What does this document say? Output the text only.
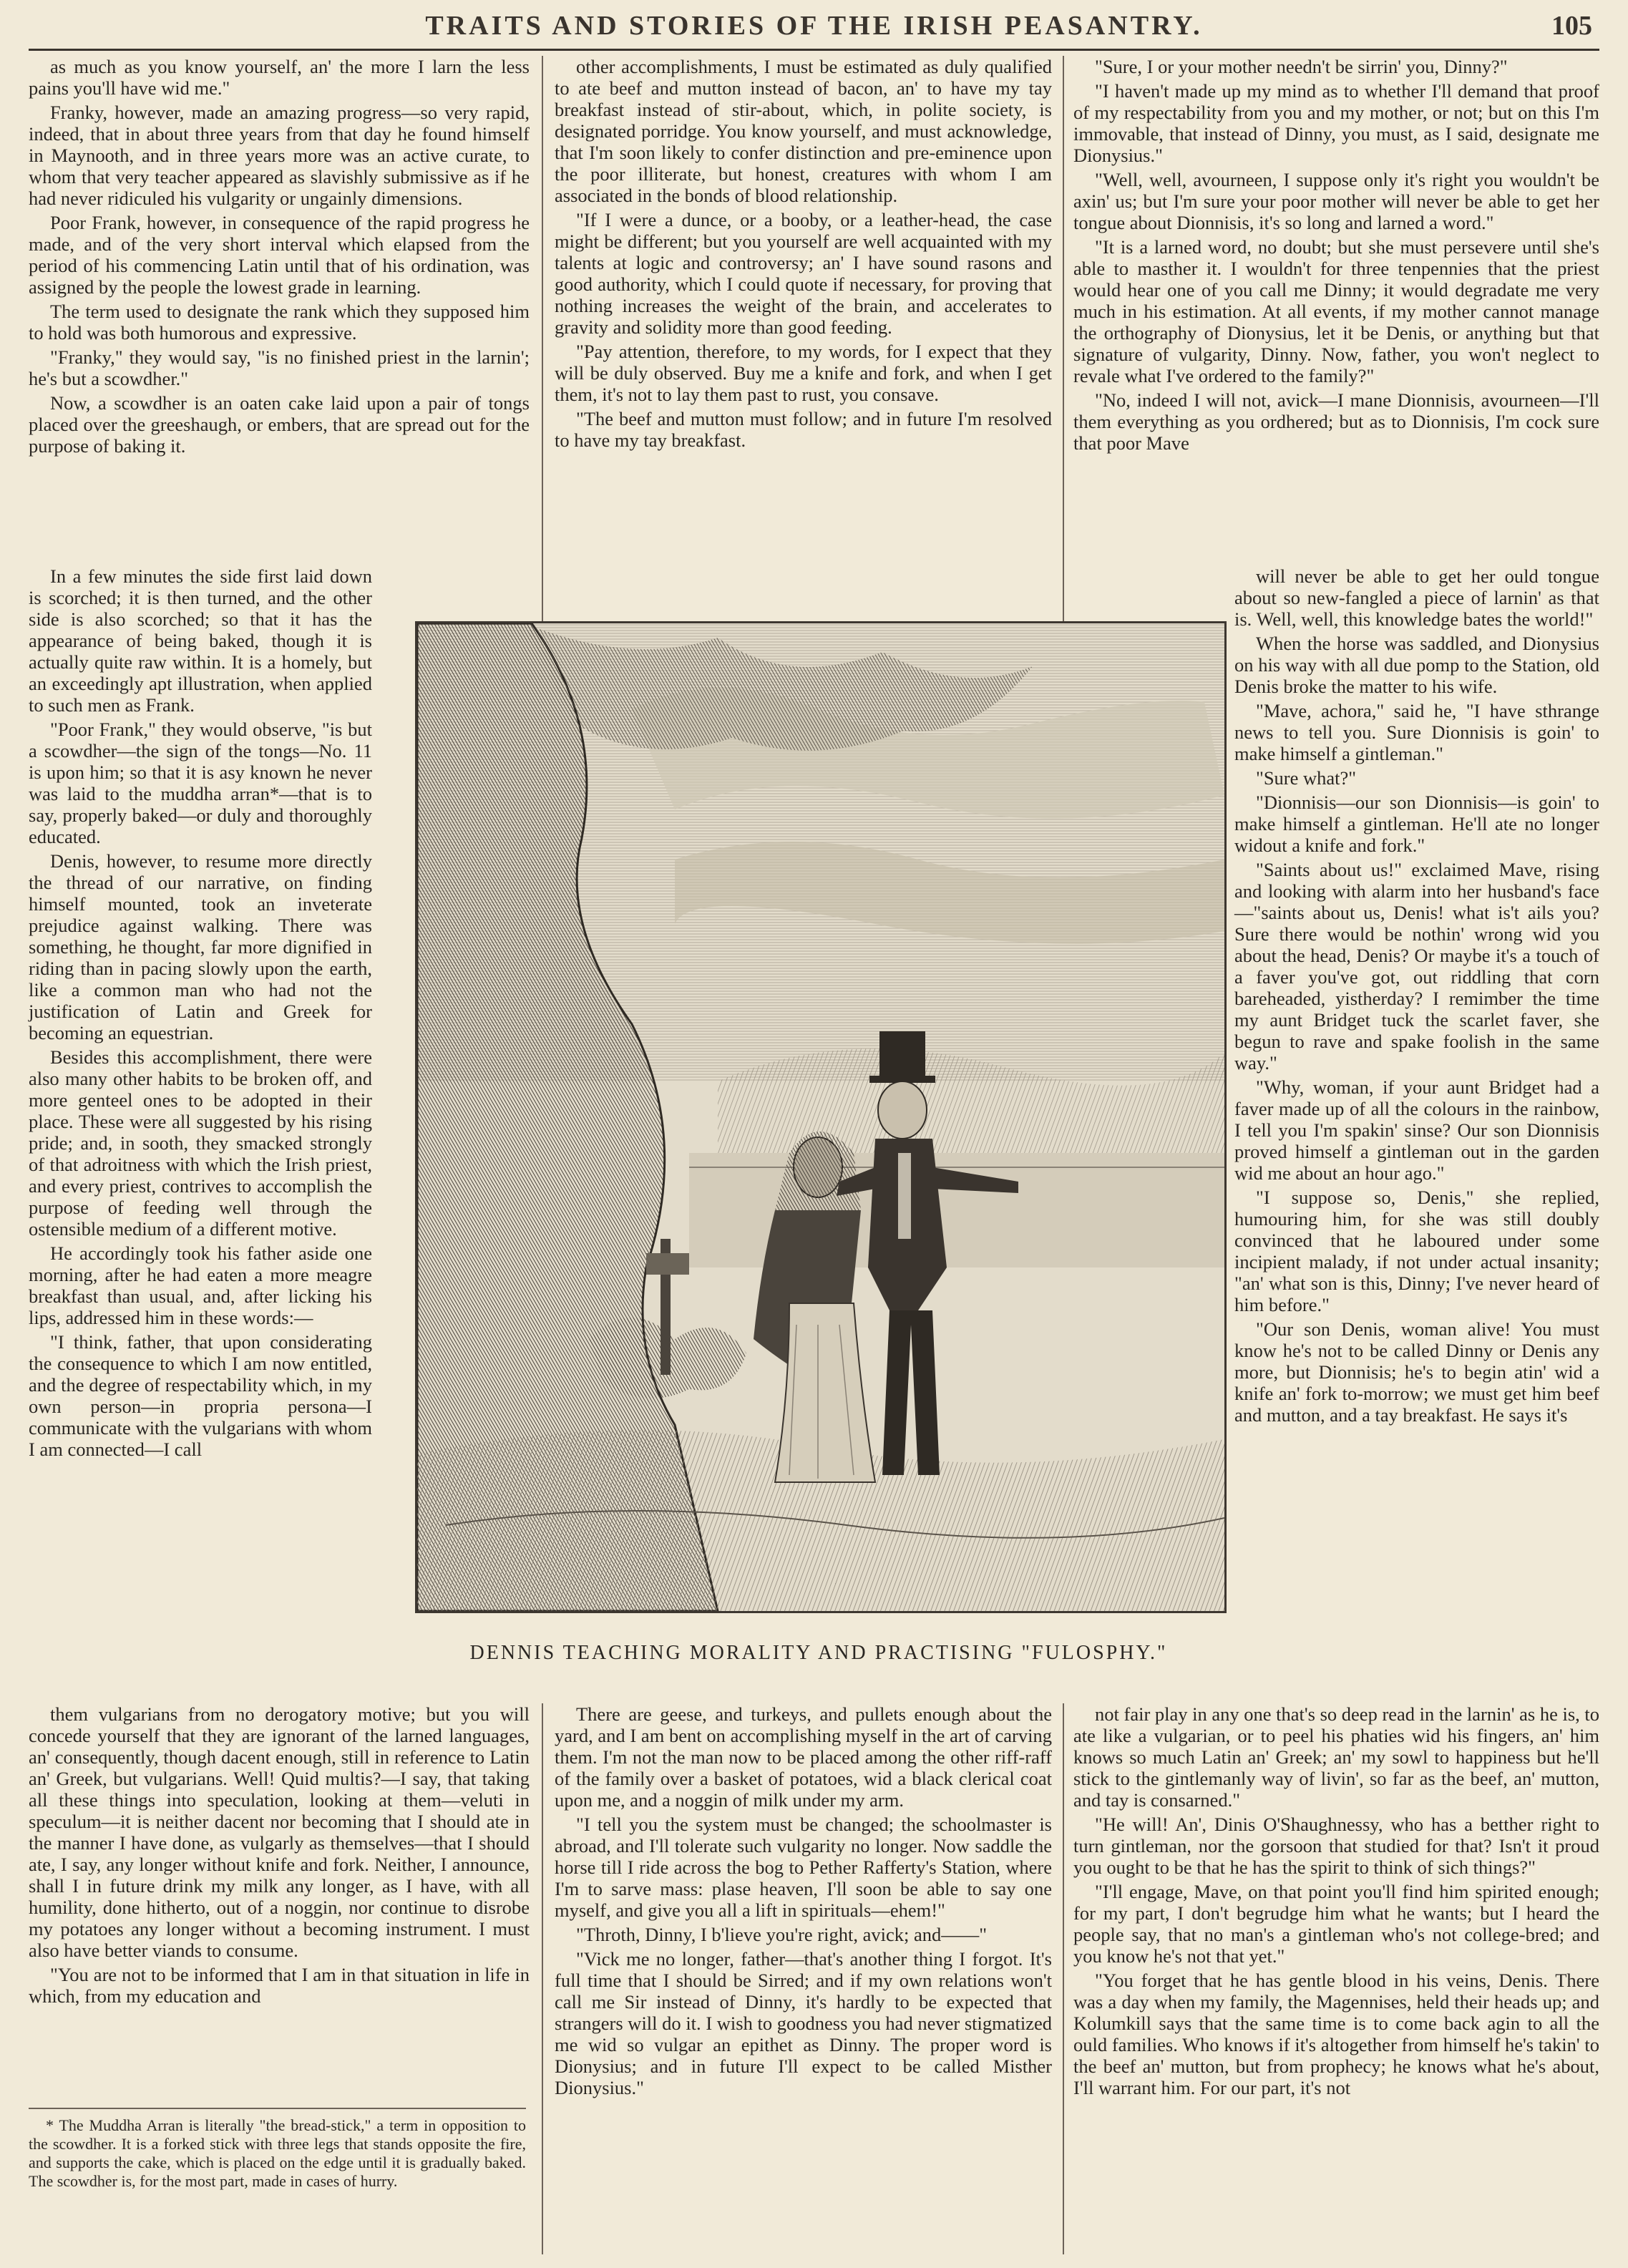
TRAITS AND STORIES OF THE IRISH PEASANTRY.	105

as much as you know yourself, an' the more I larn the less pains you'll have wid me."

Franky, however, made an amazing progress—so very rapid, indeed, that in about three years from that day he found himself in Maynooth, and in three years more was an active curate, to whom that very teacher appeared as slavishly submissive as if he had never ridiculed his vulgarity or ungainly dimensions.

Poor Frank, however, in consequence of the rapid progress he made, and of the very short interval which elapsed from the period of his commencing Latin until that of his ordination, was assigned by the people the lowest grade in learning.

The term used to designate the rank which they supposed him to hold was both humorous and expressive.

"Franky," they would say, "is no finished priest in the larnin'; he's but a scowdher."

Now, a scowdher is an oaten cake laid upon a pair of tongs placed over the greeshaugh, or embers, that are spread out for the purpose of baking it.

In a few minutes the side first laid down is scorched; it is then turned, and the other side is also scorched; so that it has the appearance of being baked, though it is actually quite raw within. It is a homely, but an exceedingly apt illustration, when applied to such men as Frank.

"Poor Frank," they would observe, "is but a scowdher—the sign of the tongs—No. 11 is upon him; so that it is asy known he never was laid to the muddha arran*—that is to say, properly baked—or duly and thoroughly educated.

Denis, however, to resume more directly the thread of our narrative, on finding himself mounted, took an inveterate prejudice against walking. There was something, he thought, far more dignified in riding than in pacing slowly upon the earth, like a common man who had not the justification of Latin and Greek for becoming an equestrian.

Besides this accomplishment, there were also many other habits to be broken off, and more genteel ones to be adopted in their place. These were all suggested by his rising pride; and, in sooth, they smacked strongly of that adroitness with which the Irish priest, and every priest, contrives to accomplish the purpose of feeding well through the ostensible medium of a different motive.

He accordingly took his father aside one morning, after he had eaten a more meagre breakfast than usual, and, after licking his lips, addressed him in these words:—

"I think, father, that upon considerating the consequence to which I am now entitled, and the degree of respectability which, in my own person—in propria persona—I communicate with the vulgarians with whom I am connected—I call

them vulgarians from no derogatory motive; but you will concede yourself that they are ignorant of the larned languages, an' consequently, though dacent enough, still in reference to Latin an' Greek, but vulgarians. Well! Quid multis?—I say, that taking all these things into speculation, looking at them—veluti in speculum—it is neither dacent nor becoming that I should ate in the manner I have done, as vulgarly as themselves—that I should ate, I say, any longer without knife and fork. Neither, I announce, shall I in future drink my milk any longer, as I have, with all humility, done hitherto, out of a noggin, nor continue to disrobe my potatoes any longer without a becoming instrument. I must also have better viands to consume.

"You are not to be informed that I am in that situation in life in which, from my education and

* The Muddha Arran is literally "the bread-stick," a term in opposition to the scowdher. It is a forked stick with three legs that stands opposite the fire, and supports the cake, which is placed on the edge until it is gradually baked. The scowdher is, for the most part, made in cases of hurry.

other accomplishments, I must be estimated as duly qualified to ate beef and mutton instead of bacon, an' to have my tay breakfast instead of stir-about, which, in polite society, is designated porridge. You know yourself, and must acknowledge, that I'm soon likely to confer distinction and pre-eminence upon the poor illiterate, but honest, creatures with whom I am associated in the bonds of blood relationship.

"If I were a dunce, or a booby, or a leather-head, the case might be different; but you yourself are well acquainted with my talents at logic and controversy; an' I have sound rasons and good authority, which I could quote if necessary, for proving that nothing increases the weight of the brain, and accelerates to gravity and solidity more than good feeding.

"Pay attention, therefore, to my words, for I expect that they will be duly observed. Buy me a knife and fork, and when I get them, it's not to lay them past to rust, you consave.

"The beef and mutton must follow; and in future I'm resolved to have my tay breakfast.

There are geese, and turkeys, and pullets enough about the yard, and I am bent on accomplishing myself in the art of carving them. I'm not the man now to be placed among the other riff-raff of the family over a basket of potatoes, wid a black clerical coat upon me, and a noggin of milk under my arm.

"I tell you the system must be changed; the schoolmaster is abroad, and I'll tolerate such vulgarity no longer. Now saddle the horse till I ride across the bog to Pether Rafferty's Station, where I'm to sarve mass: plase heaven, I'll soon be able to say one myself, and give you all a lift in spirituals—ehem!"

"Throth, Dinny, I b'lieve you're right, avick; and——"

"Vick me no longer, father—that's another thing I forgot. It's full time that I should be Sirred; and if my own relations won't call me Sir instead of Dinny, it's hardly to be expected that strangers will do it. I wish to goodness you had never stigmatized me wid so vulgar an epithet as Dinny. The proper word is Dionysius; and in future I'll expect to be called Misther Dionysius."

"Sure, I or your mother needn't be sirrin' you, Dinny?"

"I haven't made up my mind as to whether I'll demand that proof of my respectability from you and my mother, or not; but on this I'm immovable, that instead of Dinny, you must, as I said, designate me Dionysius."

"Well, well, avourneen, I suppose only it's right you wouldn't be axin' us; but I'm sure your poor mother will never be able to get her tongue about Dionnisis, it's so long and larned a word."

"It is a larned word, no doubt; but she must persevere until she's able to masther it. I wouldn't for three tenpennies that the priest would hear one of you call me Dinny; it would degradate me very much in his estimation. At all events, if my mother cannot manage the orthography of Dionysius, let it be Denis, or anything but that signature of vulgarity, Dinny. Now, father, you won't neglect to revale what I've ordered to the family?"

"No, indeed I will not, avick—I mane Dionnisis, avourneen—I'll them everything as you ordhered; but as to Dionnisis, I'm cock sure that poor Mave

will never be able to get her ould tongue about so new-fangled a piece of larnin' as that is. Well, well, this knowledge bates the world!"

When the horse was saddled, and Dionysius on his way with all due pomp to the Station, old Denis broke the matter to his wife.

"Mave, achora," said he, "I have sthrange news to tell you. Sure Dionnisis is goin' to make himself a gintleman."

"Sure what?"

"Dionnisis—our son Dionnisis—is goin' to make himself a gintleman. He'll ate no longer widout a knife and fork."

"Saints about us!" exclaimed Mave, rising and looking with alarm into her husband's face—"saints about us, Denis! what is't ails you? Sure there would be nothin' wrong wid you about the head, Denis? Or maybe it's a touch of a faver you've got, out riddling that corn bareheaded, yistherday? I remimber the time my aunt Bridget tuck the scarlet faver, she begun to rave and spake foolish in the same way."

"Why, woman, if your aunt Bridget had a faver made up of all the colours in the rainbow, I tell you I'm spakin' sinse? Our son Dionnisis proved himself a gintleman out in the garden wid me about an hour ago."

"I suppose so, Denis," she replied, humouring him, for she was still doubly convinced that he laboured under some incipient malady, if not under actual insanity; "an' what son is this, Dinny; I've never heard of him before."

"Our son Denis, woman alive! You must know he's not to be called Dinny or Denis any more, but Dionnisis; he's to begin atin' wid a knife an' fork to-morrow; we must get him beef and mutton, and a tay breakfast. He says it's

not fair play in any one that's so deep read in the larnin' as he is, to ate like a vulgarian, or to peel his phaties wid his fingers, an' him knows so much Latin an' Greek; an' my sowl to happiness but he'll stick to the gintlemanly way of livin', so far as the beef, an' mutton, and tay is consarned."

"He will! An', Dinis O'Shaughnessy, who has a betther right to turn gintleman, nor the gorsoon that studied for that? Isn't it proud you ought to be that he has the spirit to think of sich things?"

"I'll engage, Mave, on that point you'll find him spirited enough; for my part, I don't begrudge him what he wants; but I heard the people say, that no man's a gintleman who's not college-bred; and you know he's not that yet."

"You forget that he has gentle blood in his veins, Denis. There was a day when my family, the Magennises, held their heads up; and Kolumkill says that the same time is to come back agin to all the ould families. Who knows if it's altogether from himself he's takin' to the beef an' mutton, but from prophecy; he knows what he's about, I'll warrant him. For our part, it's not

DENNIS TEACHING MORALITY AND PRACTISING "FULOSPHY."
